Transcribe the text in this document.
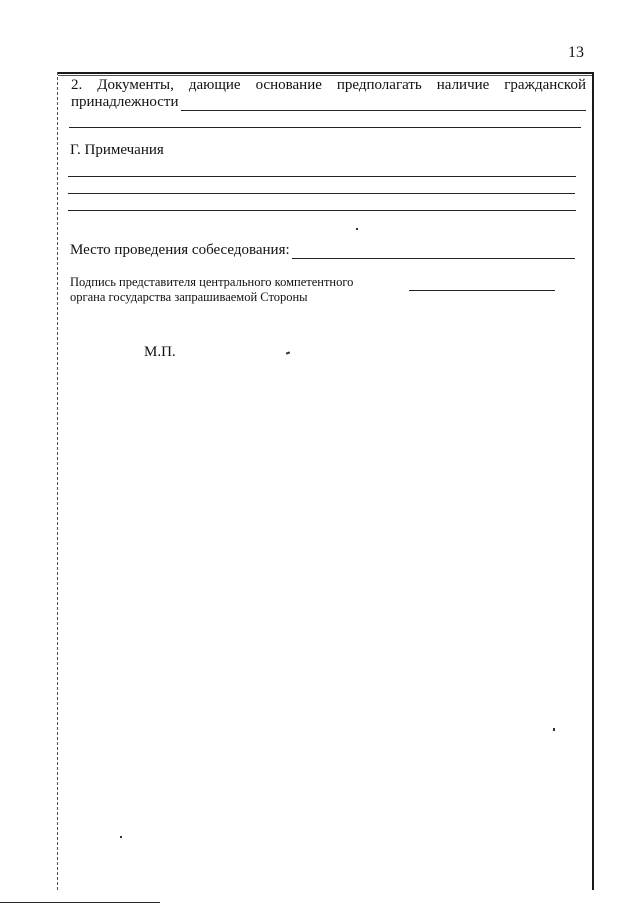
13
2. Документы, дающие основание предполагать наличие гражданской
принадлежности
Г. Примечания
Место проведения собеседования:
Подпись представителя центрального компетентного
органа государства запрашиваемой Стороны
М.П.
